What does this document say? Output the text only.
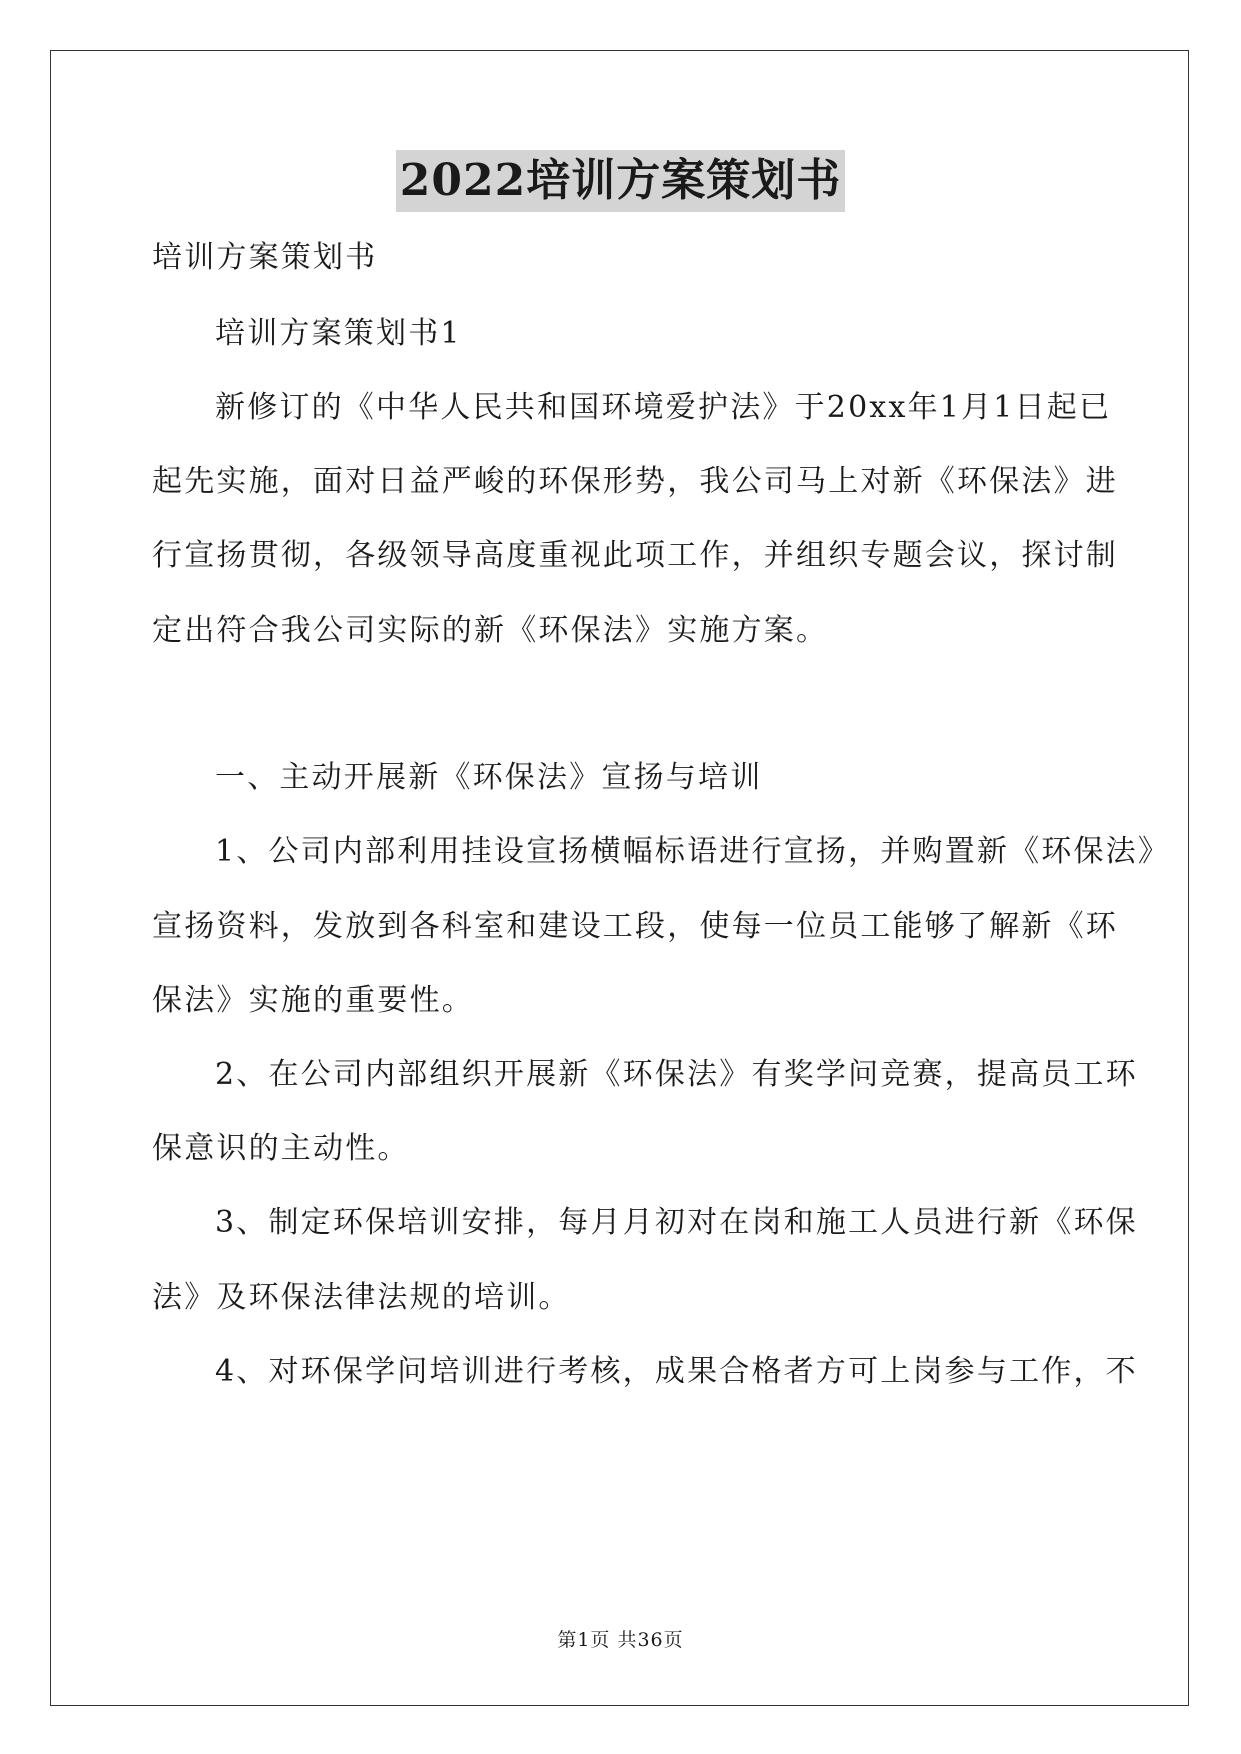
2022培训方案策划书
培训方案策划书
培训方案策划书1
新修订的《中华人民共和国环境爱护法》于20xx年1月1日起已
起先实施，面对日益严峻的环保形势，我公司马上对新《环保法》进
行宣扬贯彻，各级领导高度重视此项工作，并组织专题会议，探讨制
定出符合我公司实际的新《环保法》实施方案。
一、主动开展新《环保法》宣扬与培训
1、公司内部利用挂设宣扬横幅标语进行宣扬，并购置新《环保法》
宣扬资料，发放到各科室和建设工段，使每一位员工能够了解新《环
保法》实施的重要性。
2、在公司内部组织开展新《环保法》有奖学问竞赛，提高员工环
保意识的主动性。
3、制定环保培训安排，每月月初对在岗和施工人员进行新《环保
法》及环保法律法规的培训。
4、对环保学问培训进行考核，成果合格者方可上岗参与工作，不
第1页 共36页
